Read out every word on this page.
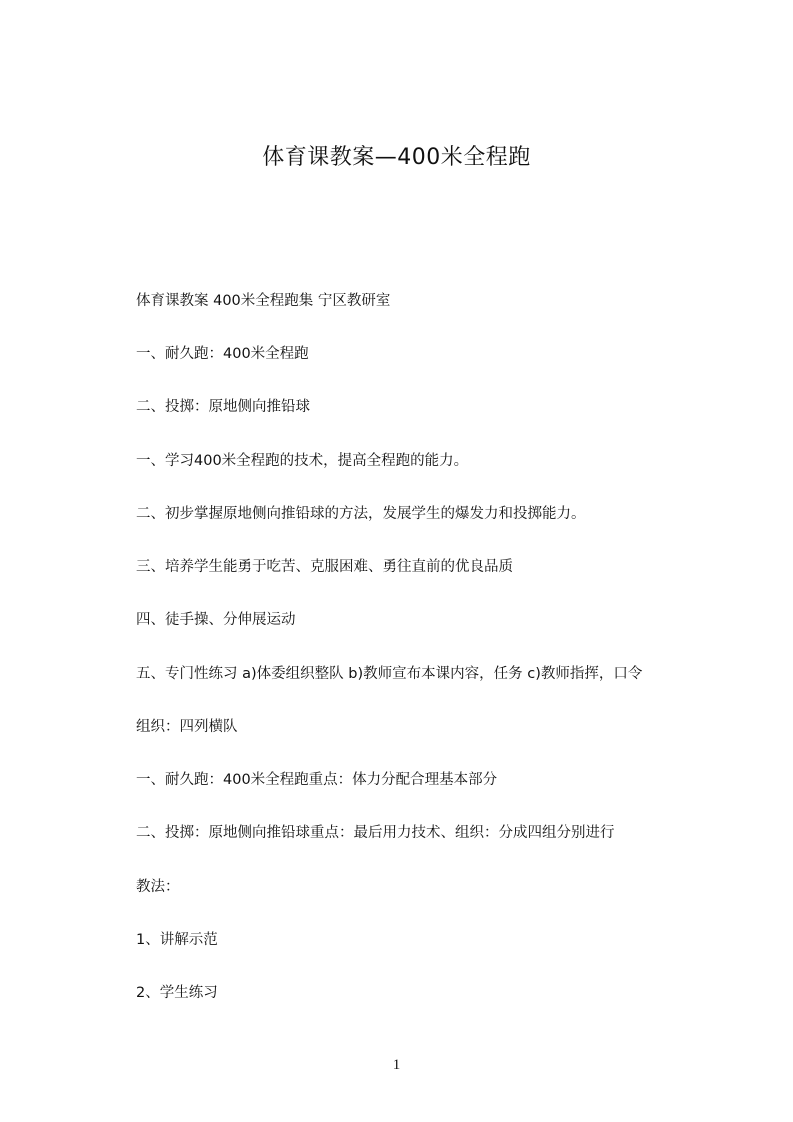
体育课教案—400米全程跑

体育课教案 400米全程跑集 宁区教研室

一、耐久跑：400米全程跑

二、投掷：原地侧向推铅球

一、学习400米全程跑的技术，提高全程跑的能力。

二、初步掌握原地侧向推铅球的方法，发展学生的爆发力和投掷能力。

三、培养学生能勇于吃苦、克服困难、勇往直前的优良品质

四、徒手操、分伸展运动

五、专门性练习 a)体委组织整队 b)教师宣布本课内容，任务 c)教师指挥，口令

组织：四列横队

一、耐久跑：400米全程跑重点：体力分配合理基本部分

二、投掷：原地侧向推铅球重点：最后用力技术、组织：分成四组分别进行

教法：

1、讲解示范

2、学生练习

1
